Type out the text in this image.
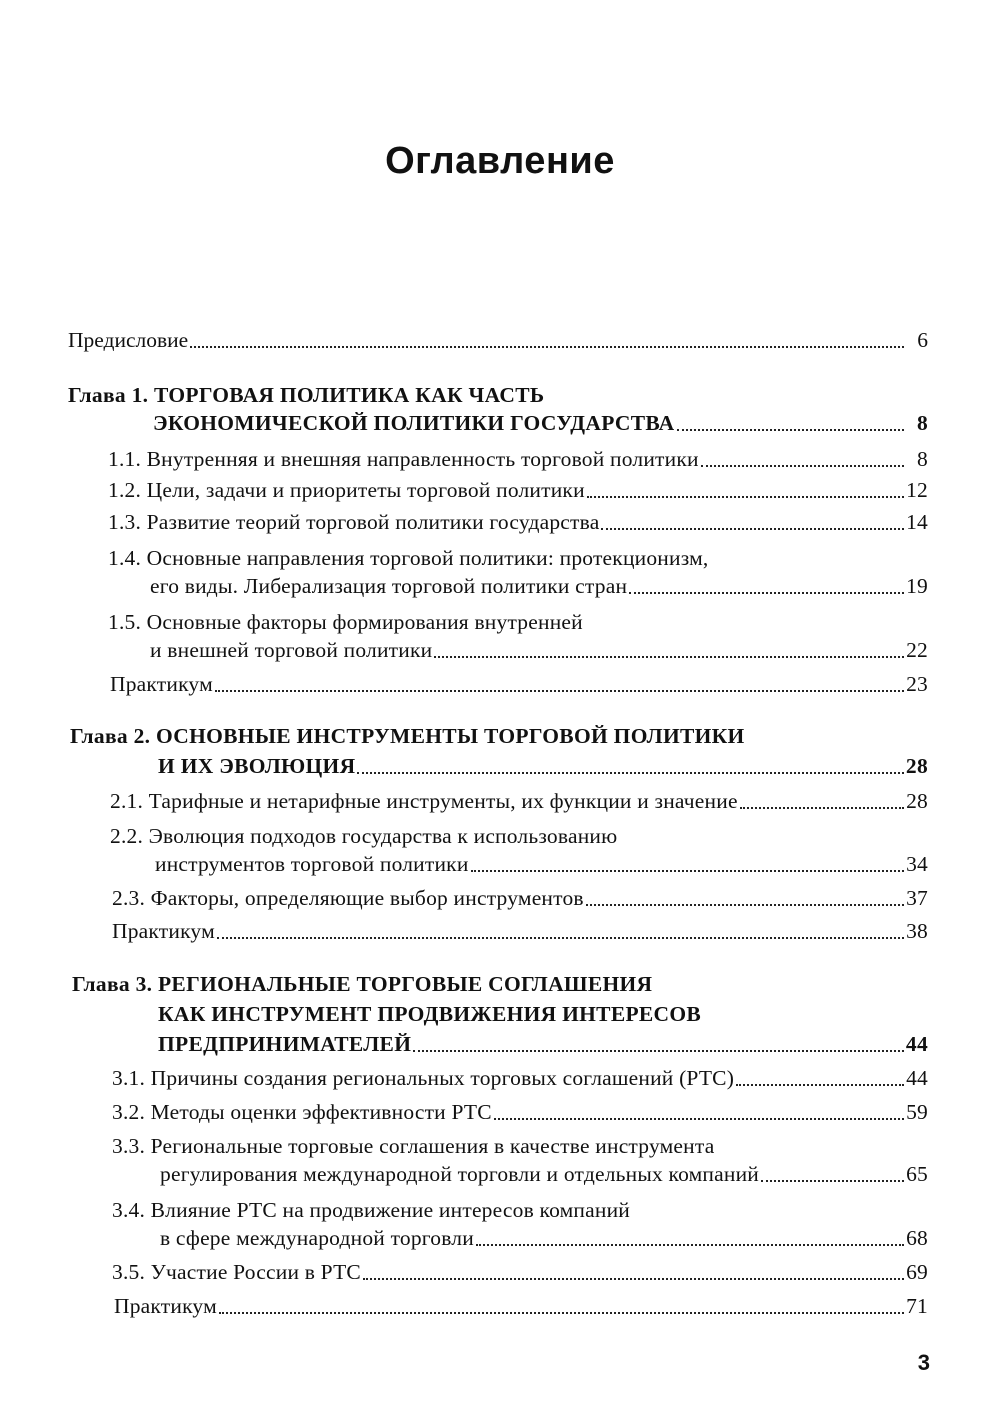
Оглавление
Предисловие	6
Глава 1. ТОРГОВАЯ ПОЛИТИКА КАК ЧАСТЬ
ЭКОНОМИЧЕСКОЙ ПОЛИТИКИ ГОСУДАРСТВА	8
1.1. Внутренняя и внешняя направленность торговой политики	8
1.2. Цели, задачи и приоритеты торговой политики	12
1.3. Развитие теорий торговой политики государства	14
1.4. Основные направления торговой политики: протекционизм,
его виды. Либерализация торговой политики стран	19
1.5. Основные факторы формирования внутренней
и внешней торговой политики	22
Практикум	23
Глава 2. ОСНОВНЫЕ ИНСТРУМЕНТЫ ТОРГОВОЙ ПОЛИТИКИ
И ИХ ЭВОЛЮЦИЯ	28
2.1. Тарифные и нетарифные инструменты, их функции и значение	28
2.2. Эволюция подходов государства к использованию
инструментов торговой политики	34
2.3. Факторы, определяющие выбор инструментов	37
Практикум	38
Глава 3. РЕГИОНАЛЬНЫЕ ТОРГОВЫЕ СОГЛАШЕНИЯ
КАК ИНСТРУМЕНТ ПРОДВИЖЕНИЯ ИНТЕРЕСОВ
ПРЕДПРИНИМАТЕЛЕЙ	44
3.1. Причины создания региональных торговых соглашений (РТС)	44
3.2. Методы оценки эффективности РТС	59
3.3. Региональные торговые соглашения в качестве инструмента
регулирования международной торговли и отдельных компаний	65
3.4. Влияние РТС на продвижение интересов компаний
в сфере международной торговли	68
3.5. Участие России в РТС	69
Практикум	71
3
